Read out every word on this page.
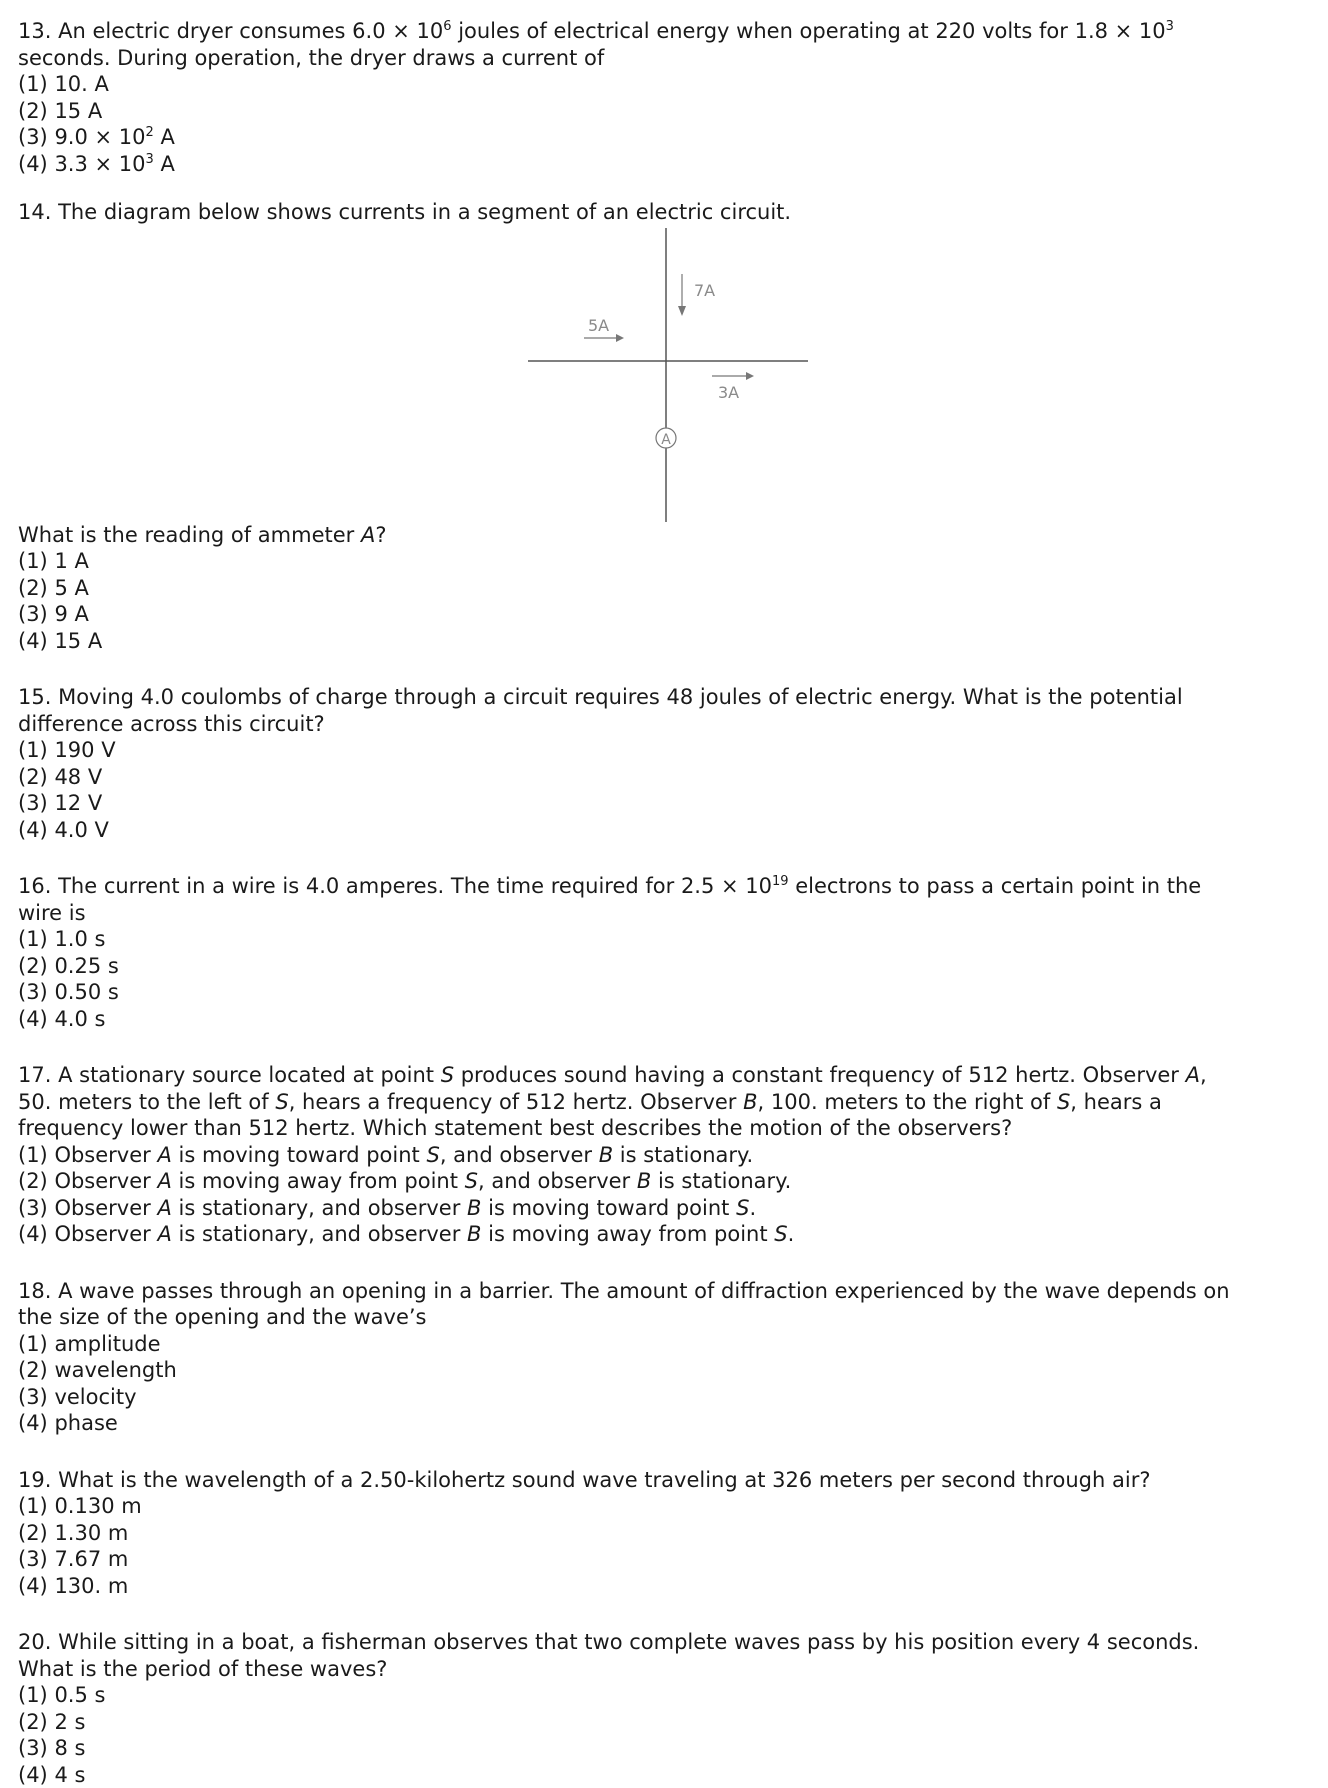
13. An electric dryer consumes $6.0 \times 10^6$ joules of electrical energy when operating at 220 volts for $1.8 \times 10^3$

seconds. During operation, the dryer draws a current of

(1) 10. A

(2) 15 A

(3) $9.0 \times 10^2$ A

(4) $3.3 \times 10^3$ A

14. The diagram below shows currents in a segment of an electric circuit.

7A
5A
3A
A

What is the reading of ammeter A?

(1) 1 A

(2) 5 A

(3) 9 A

(4) 15 A

15. Moving 4.0 coulombs of charge through a circuit requires 48 joules of electric energy. What is the potential

difference across this circuit?

(1) 190 V

(2) 48 V

(3) 12 V

(4) 4.0 V

16. The current in a wire is 4.0 amperes. The time required for $2.5 \times 10^{19}$ electrons to pass a certain point in the

wire is

(1) 1.0 s

(2) 0.25 s

(3) 0.50 s

(4) 4.0 s

17. A stationary source located at point S produces sound having a constant frequency of 512 hertz. Observer A,

50. meters to the left of S, hears a frequency of 512 hertz. Observer B, 100. meters to the right of S, hears a

frequency lower than 512 hertz. Which statement best describes the motion of the observers?

(1) Observer A is moving toward point S, and observer B is stationary.

(2) Observer A is moving away from point S, and observer B is stationary.

(3) Observer A is stationary, and observer B is moving toward point S.

(4) Observer A is stationary, and observer B is moving away from point S.

18. A wave passes through an opening in a barrier. The amount of diffraction experienced by the wave depends on

the size of the opening and the wave’s

(1) amplitude

(2) wavelength

(3) velocity

(4) phase

19. What is the wavelength of a 2.50-kilohertz sound wave traveling at 326 meters per second through air?

(1) 0.130 m

(2) 1.30 m

(3) 7.67 m

(4) 130. m

20. While sitting in a boat, a fisherman observes that two complete waves pass by his position every 4 seconds.

What is the period of these waves?

(1) 0.5 s

(2) 2 s

(3) 8 s

(4) 4 s
